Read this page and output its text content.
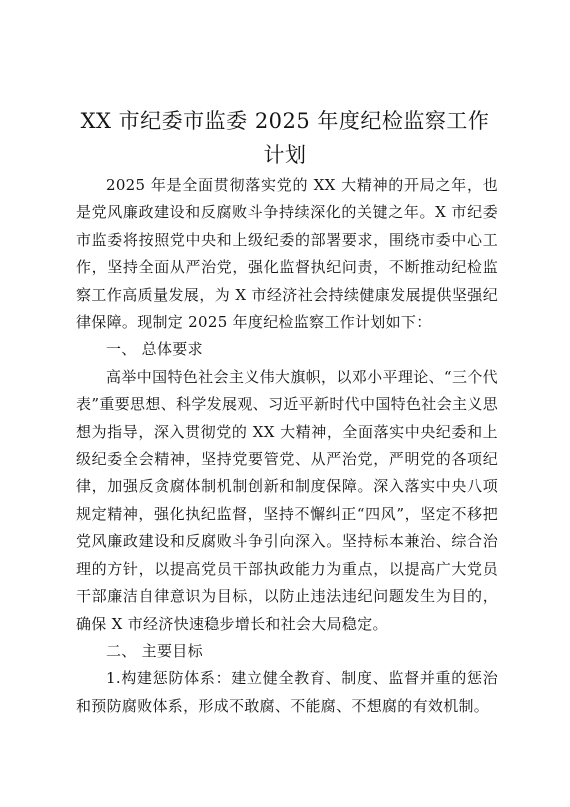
XX 市纪委市监委 2025 年度纪检监察工作计划

2025 年是全面贯彻落实党的 XX 大精神的开局之年，也是党风廉政建设和反腐败斗争持续深化的关键之年。X 市纪委市监委将按照党中央和上级纪委的部署要求，围绕市委中心工作，坚持全面从严治党，强化监督执纪问责，不断推动纪检监察工作高质量发展，为 X 市经济社会持续健康发展提供坚强纪律保障。现制定 2025 年度纪检监察工作计划如下：

一、 总体要求

高举中国特色社会主义伟大旗帜，以邓小平理论、“三个代表”重要思想、科学发展观、习近平新时代中国特色社会主义思想为指导，深入贯彻党的 XX 大精神，全面落实中央纪委和上级纪委全会精神，坚持党要管党、从严治党，严明党的各项纪律，加强反贪腐体制机制创新和制度保障。深入落实中央八项规定精神，强化执纪监督，坚持不懈纠正“四风”，坚定不移把党风廉政建设和反腐败斗争引向深入。坚持标本兼治、综合治理的方针，以提高党员干部执政能力为重点，以提高广大党员干部廉洁自律意识为目标，以防止违法违纪问题发生为目的，确保 X 市经济快速稳步增长和社会大局稳定。

二、 主要目标

1.构建惩防体系：建立健全教育、制度、监督并重的惩治和预防腐败体系，形成不敢腐、不能腐、不想腐的有效机制。
